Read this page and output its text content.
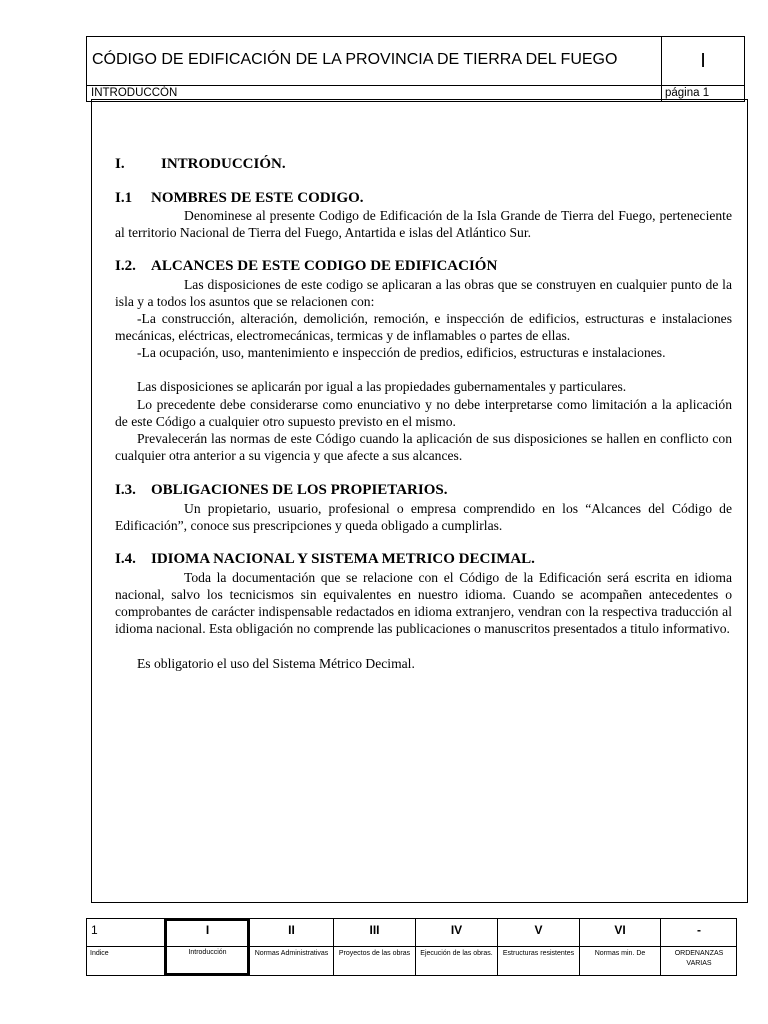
CÓDIGO DE EDIFICACIÓN DE LA PROVINCIA DE TIERRA DEL FUEGO	I
INTRODUCCÓN	página 1
I. INTRODUCCIÓN.
I.1 NOMBRES DE ESTE CODIGO.
Denominese al presente Codigo de Edificación de la Isla Grande de Tierra del Fuego, perteneciente al territorio Nacional de Tierra del Fuego, Antartida e islas del Atlántico Sur.
I.2. ALCANCES DE ESTE CODIGO DE EDIFICACIÓN
Las disposiciones de este codigo se aplicaran a las obras que se construyen en cualquier punto de la isla y a todos los asuntos que se relacionen con:
-La construcción, alteración, demolición, remoción, e inspección de edificios, estructuras e instalaciones mecánicas, eléctricas, electromecánicas, termicas y de inflamables o partes de ellas.
-La ocupación, uso, mantenimiento e inspección de predios, edificios, estructuras e instalaciones.
Las disposiciones se aplicarán por igual a las propiedades gubernamentales y particulares.
Lo precedente debe considerarse como enunciativo y no debe interpretarse como limitación a la aplicación de este Código a cualquier otro supuesto previsto en el mismo.
Prevalecerán las normas de este Código cuando la aplicación de sus disposiciones se hallen en conflicto con cualquier otra anterior a su vigencia y que afecte a sus alcances.
I.3. OBLIGACIONES DE LOS PROPIETARIOS.
Un propietario, usuario, profesional o empresa comprendido en los “Alcances del Código de Edificación”, conoce sus prescripciones y queda obligado a cumplirlas.
I.4. IDIOMA NACIONAL Y SISTEMA METRICO DECIMAL.
Toda la documentación que se relacione con el Código de la Edificación será escrita en idioma nacional, salvo los tecnicismos sin equivalentes en nuestro idioma. Cuando se acompañen antecedentes o comprobantes de carácter indispensable redactados en idioma extranjero, vendran con la respectiva traducción al idioma nacional. Esta obligación no comprende las publicaciones o manuscritos presentados a titulo informativo.
Es obligatorio el uso del Sistema Métrico Decimal.
1
Indice
I
Introducción
II
Normas Administrativas
III
Proyectos de las obras
IV
Ejecución de las obras.
V
Estructuras resistentes
VI
Normas min. De
-
ORDENANZAS VARIAS
